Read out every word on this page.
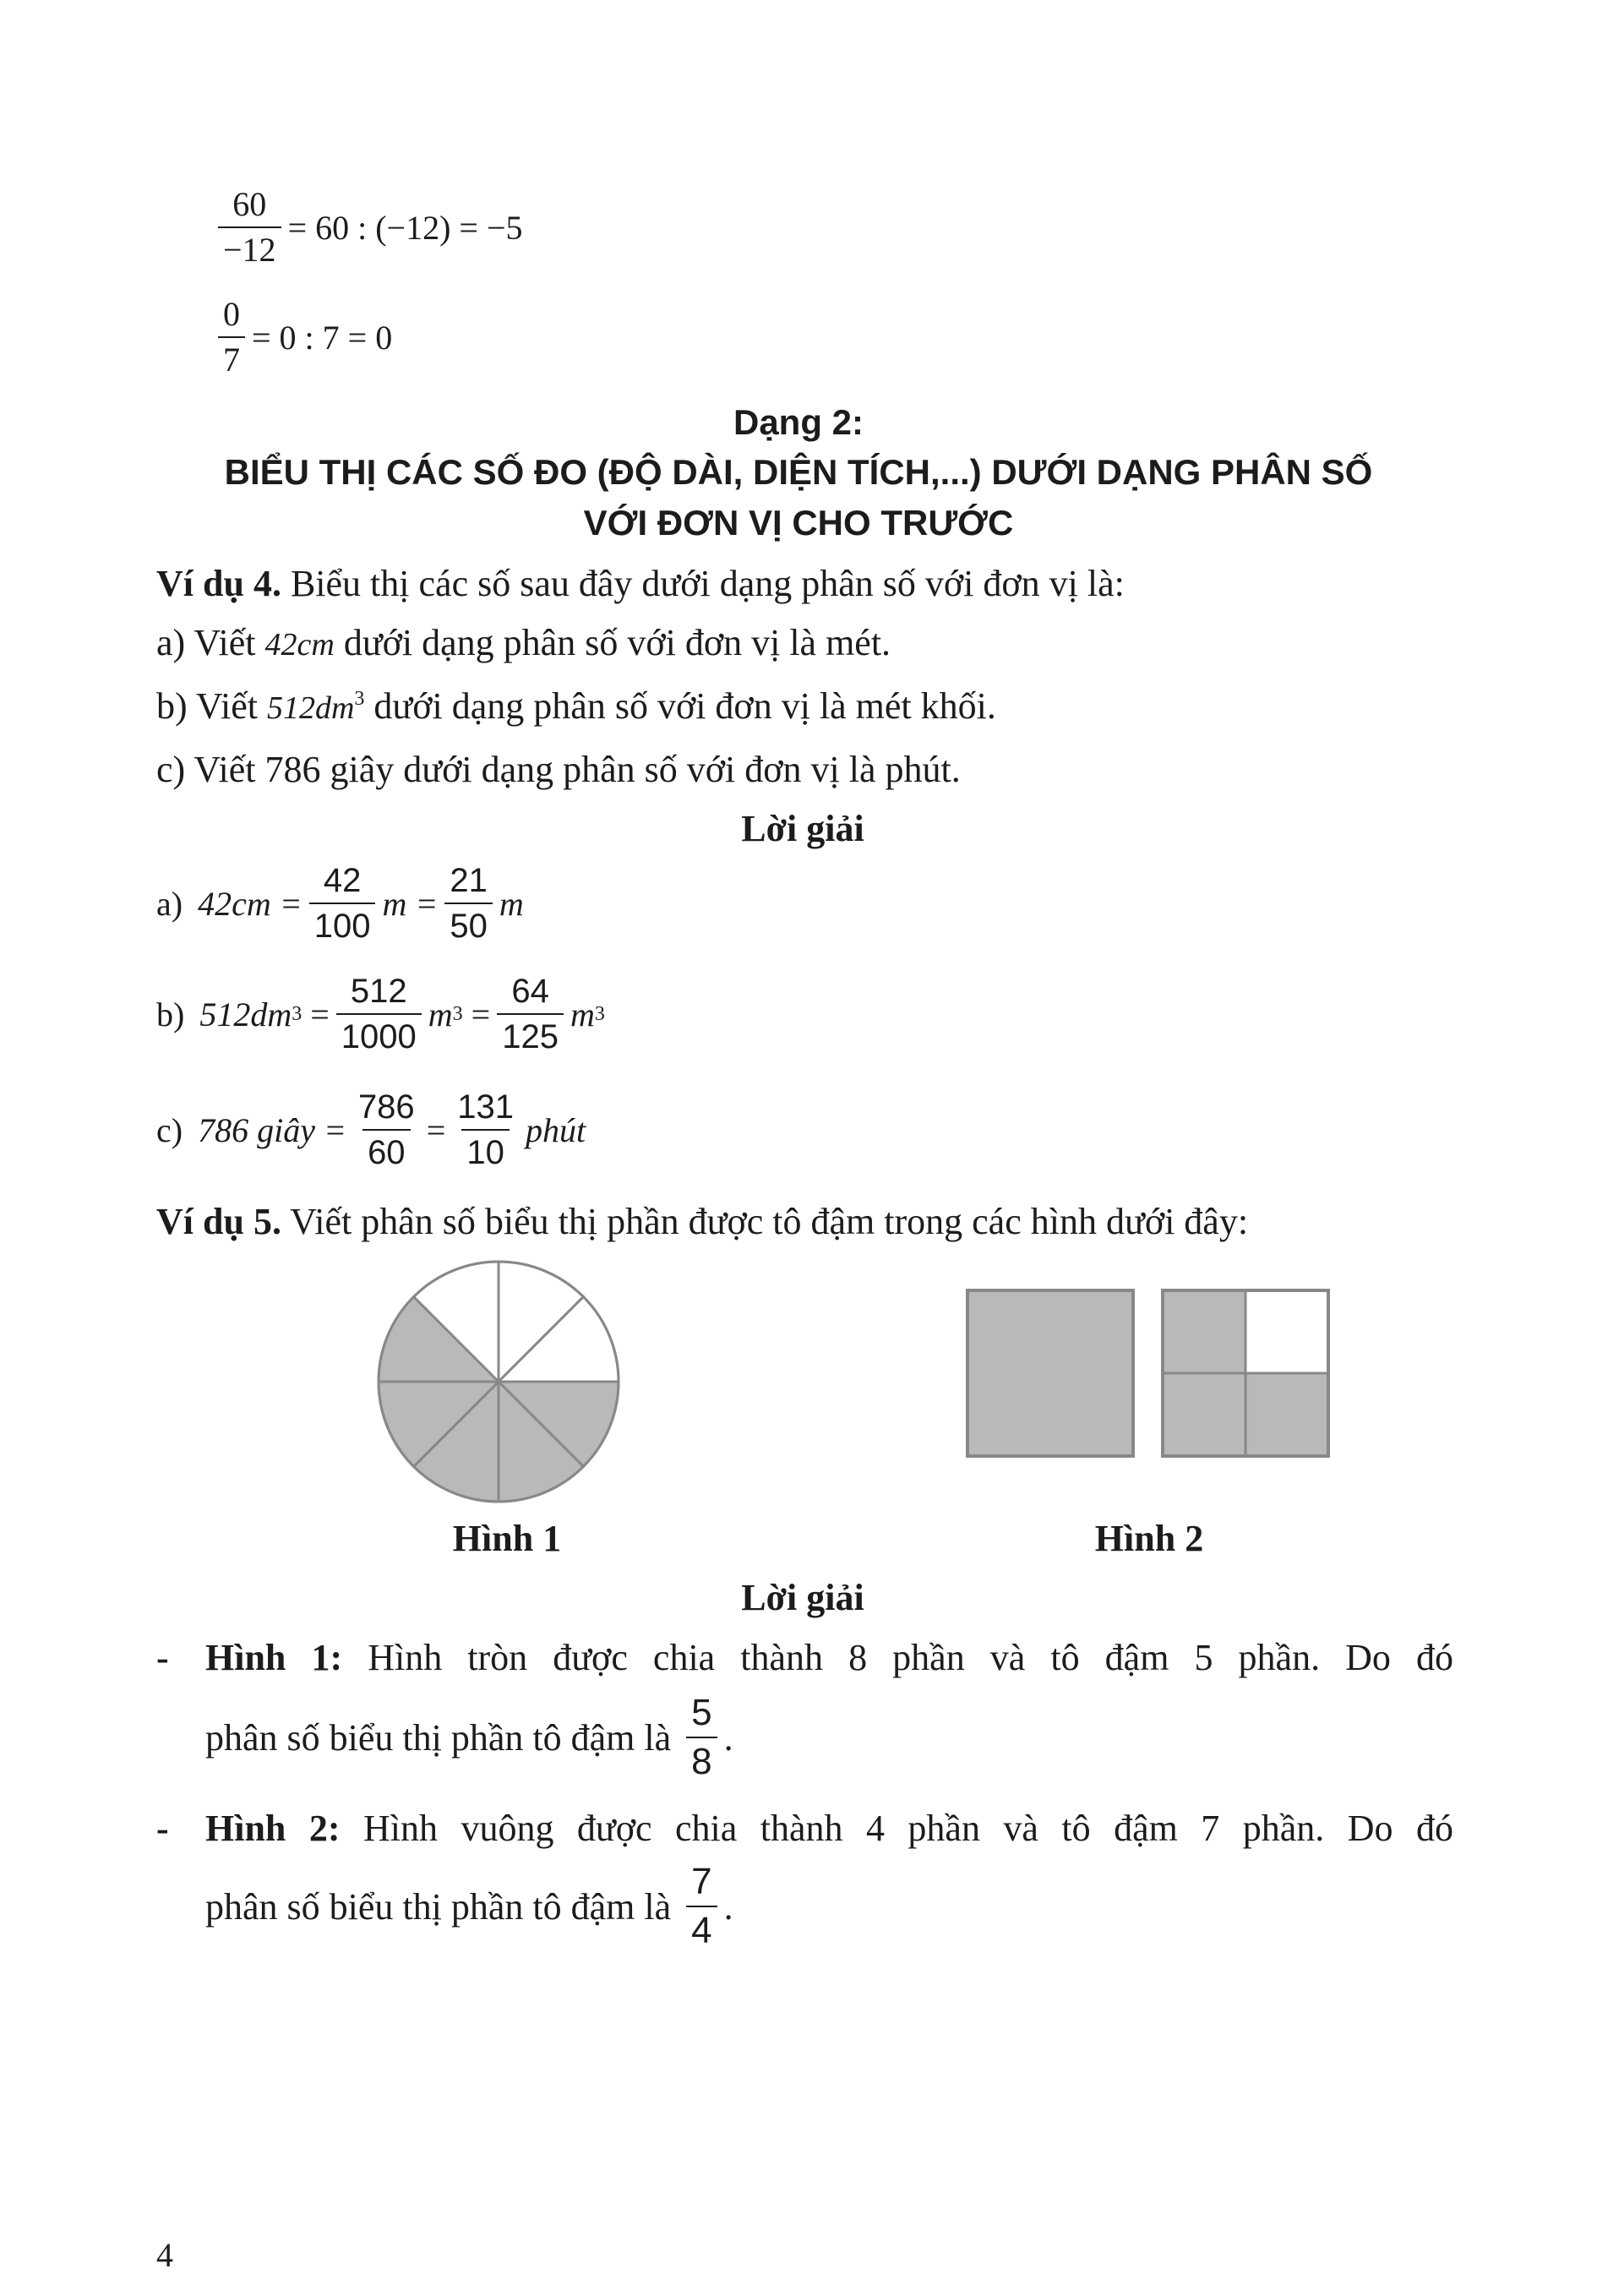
$\frac{60}{-12} = 60$ : (−12) = −5
$\frac{0}{7} = 0$ : 7 = 0
Dạng 2:
BIỂU THỊ CÁC SỐ ĐO (ĐỘ DÀI, DIỆN TÍCH,...) DƯỚI DẠNG PHÂN SỐ
VỚI ĐƠN VỊ CHO TRƯỚC
Ví dụ 4. Biểu thị các số sau đây dưới dạng phân số với đơn vị là:
a) Viết 42cm dưới dạng phân số với đơn vị là mét.
b) Viết $512dm^3$ dưới dạng phân số với đơn vị là mét khối.
c) Viết 786 giây dưới dạng phân số với đơn vị là phút.
Lời giải
a) $42cm = \frac{42}{100}$ $m = \frac{21}{50}$ m
b) 512dm $3 = \frac{512}{1000}$ m $3 = \frac{64}{125}$ m 3
c) 786 giây = $\frac{786}{60} = \frac{131}{10}$ phút
Ví dụ 5. Viết phân số biểu thị phần được tô đậm trong các hình dưới đây:
Hình 1	Hình 2
Lời giải
- Hình 1: Hình tròn được chia thành 8 phần và tô đậm 5 phần. Do đó
phân số biểu thị phần tô đậm là $\frac{5}{8}$ .
- Hình 2: Hình vuông được chia thành 4 phần và tô đậm 7 phần. Do đó
phân số biểu thị phần tô đậm là $\frac{7}{4}$ .
4
